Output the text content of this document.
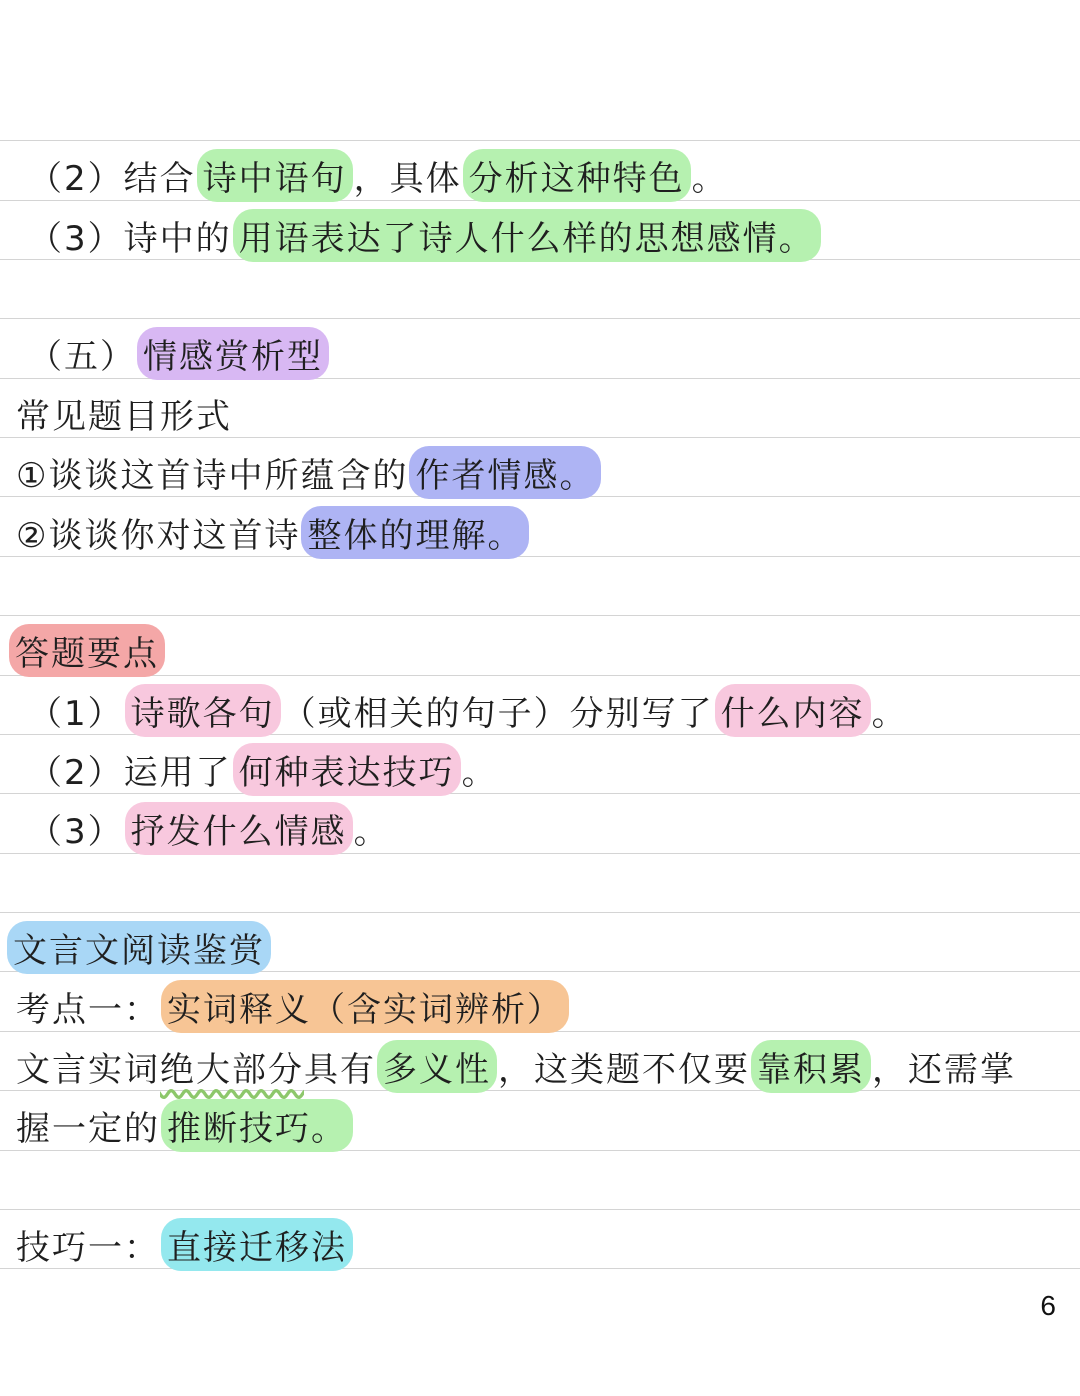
（2）结合 诗中语句 ，具体 分析这种特色 。
（3）诗中的 用语表达了诗人什么样的思想感情。
（五） 情感赏析型
常见题目形式
①谈谈这首诗中所蕴含的 作者情感。
②谈谈你对这首诗 整体的理解。
答题要点
（1） 诗歌各句 （或相关的句子）分别写了 什么内容 。
（2）运用了 何种表达技巧 。
（3） 抒发什么情感 。
文言文阅读鉴赏
考点一： 实词释义（含实词辨析）
文言实词 绝大部分 具有 多义性 ，这类题不仅要 靠积累 ，还需掌
握一定的 推断技巧。
技巧一： 直接迁移法
6
